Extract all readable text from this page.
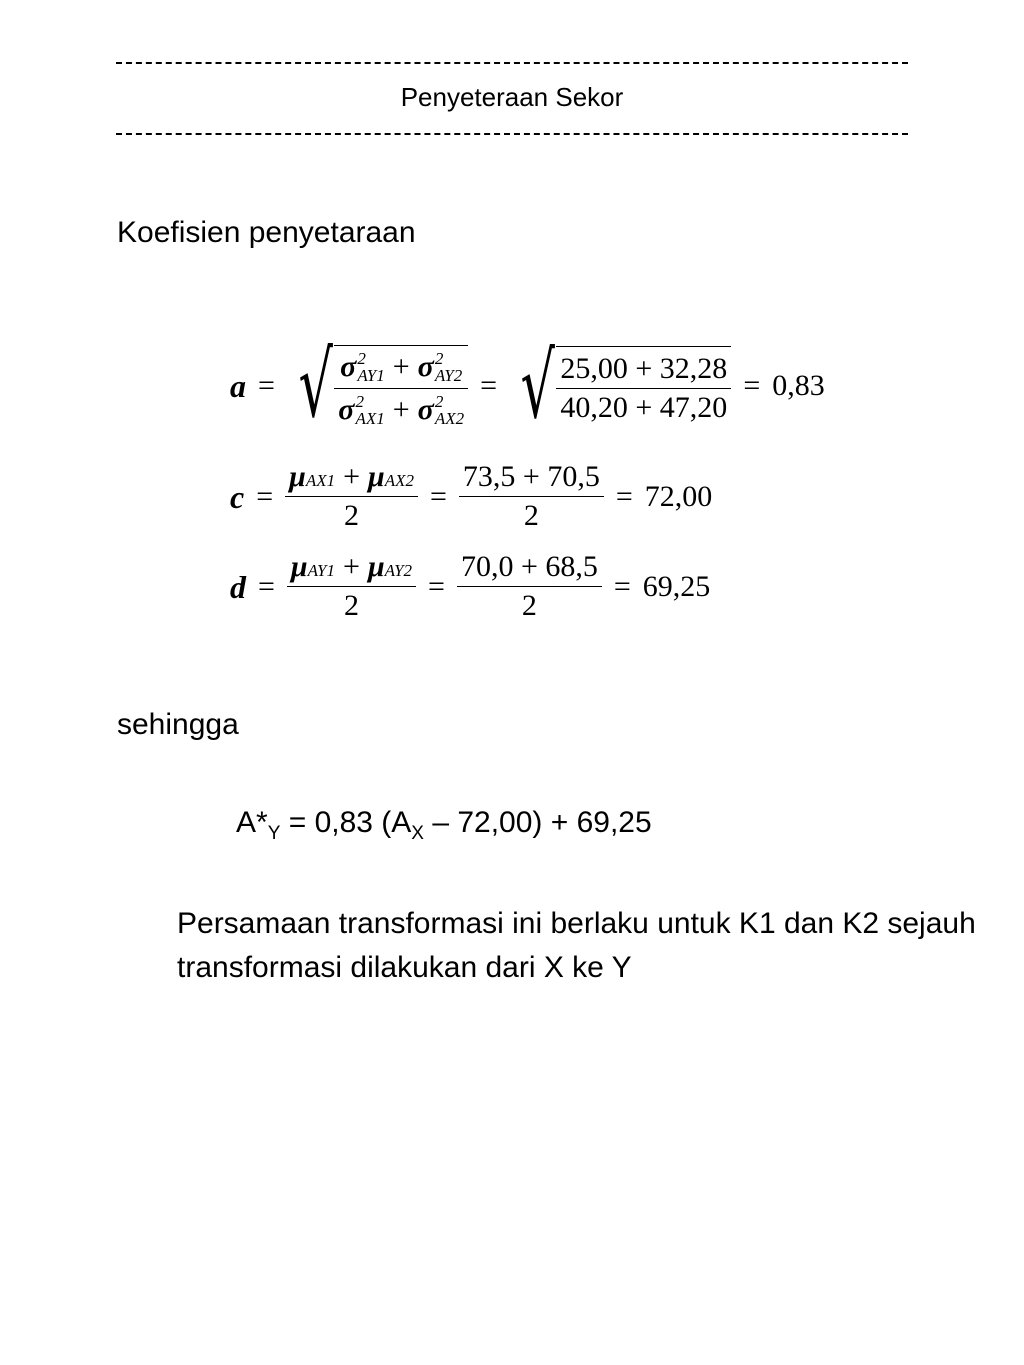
Penyeteraan Sekor
Koefisien penyetaraan
a = √ σ 2
AY1 + σ 2
AY2
σ 2
AX1 + σ 2
AX2 = √ $\frac{25,00 + 32,28}{40,20 + 47,20} = 0,83$
$c = \frac{\text{μ AX1 + μ AX2}}{2} = \frac{73,5 + 70,5}{2} = 72,00$
$d = \frac{\text{μ AY1 + μ AY2}}{2} = \frac{70,0 + 68,5}{2} = 69,25$
sehingga
$A*_Y = 0,83$ $(A_X - 72,00) + 69,25$
Persamaan transformasi ini berlaku untuk K1 dan K2 sejauh transformasi dilakukan dari X ke Y
